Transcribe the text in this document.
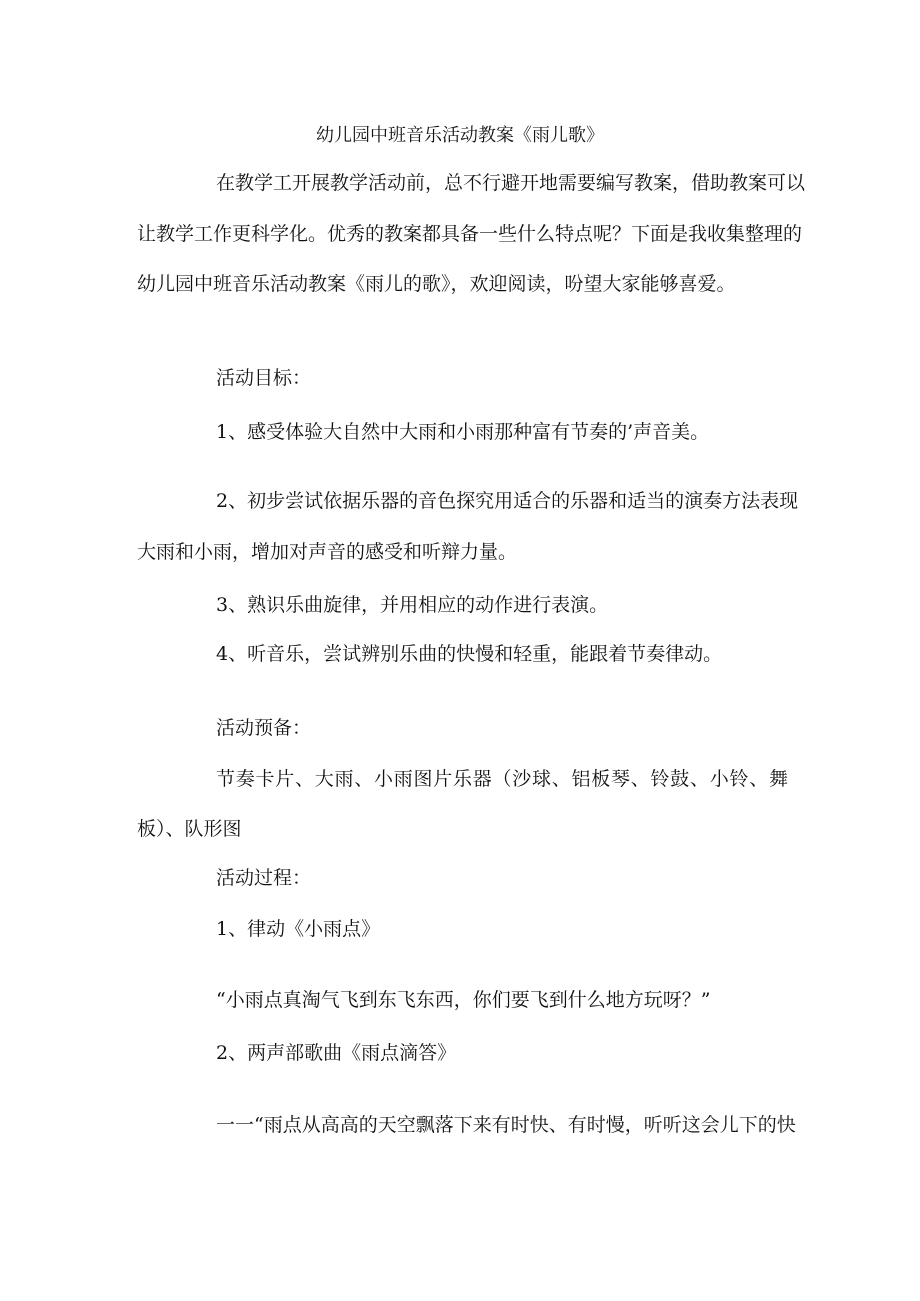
幼儿园中班音乐活动教案《雨儿歌》
在教学工开展教学活动前，总不行避开地需要编写教案，借助教案可以
让教学工作更科学化。优秀的教案都具备一些什么特点呢？下面是我收集整理的
幼儿园中班音乐活动教案《雨儿的歌》，欢迎阅读，吩望大家能够喜爱。
活动目标：
1、感受体验大自然中大雨和小雨那种富有节奏的’声音美。
2、初步尝试依据乐器的音色探究用适合的乐器和适当的演奏方法表现
大雨和小雨，增加对声音的感受和听辩力量。
3、熟识乐曲旋律，并用相应的动作进行表演。
4、听音乐，尝试辨别乐曲的快慢和轻重，能跟着节奏律动。
活动预备：
节奏卡片、大雨、小雨图片乐器（沙球、铝板琴、铃鼓、小铃、舞
板）、队形图
活动过程：
1、律动《小雨点》
“小雨点真淘气飞到东飞东西，你们要飞到什么地方玩呀？”
2、两声部歌曲《雨点滴答》
一一“雨点从高高的天空飘落下来有时快、有时慢，听听这会儿下的快
